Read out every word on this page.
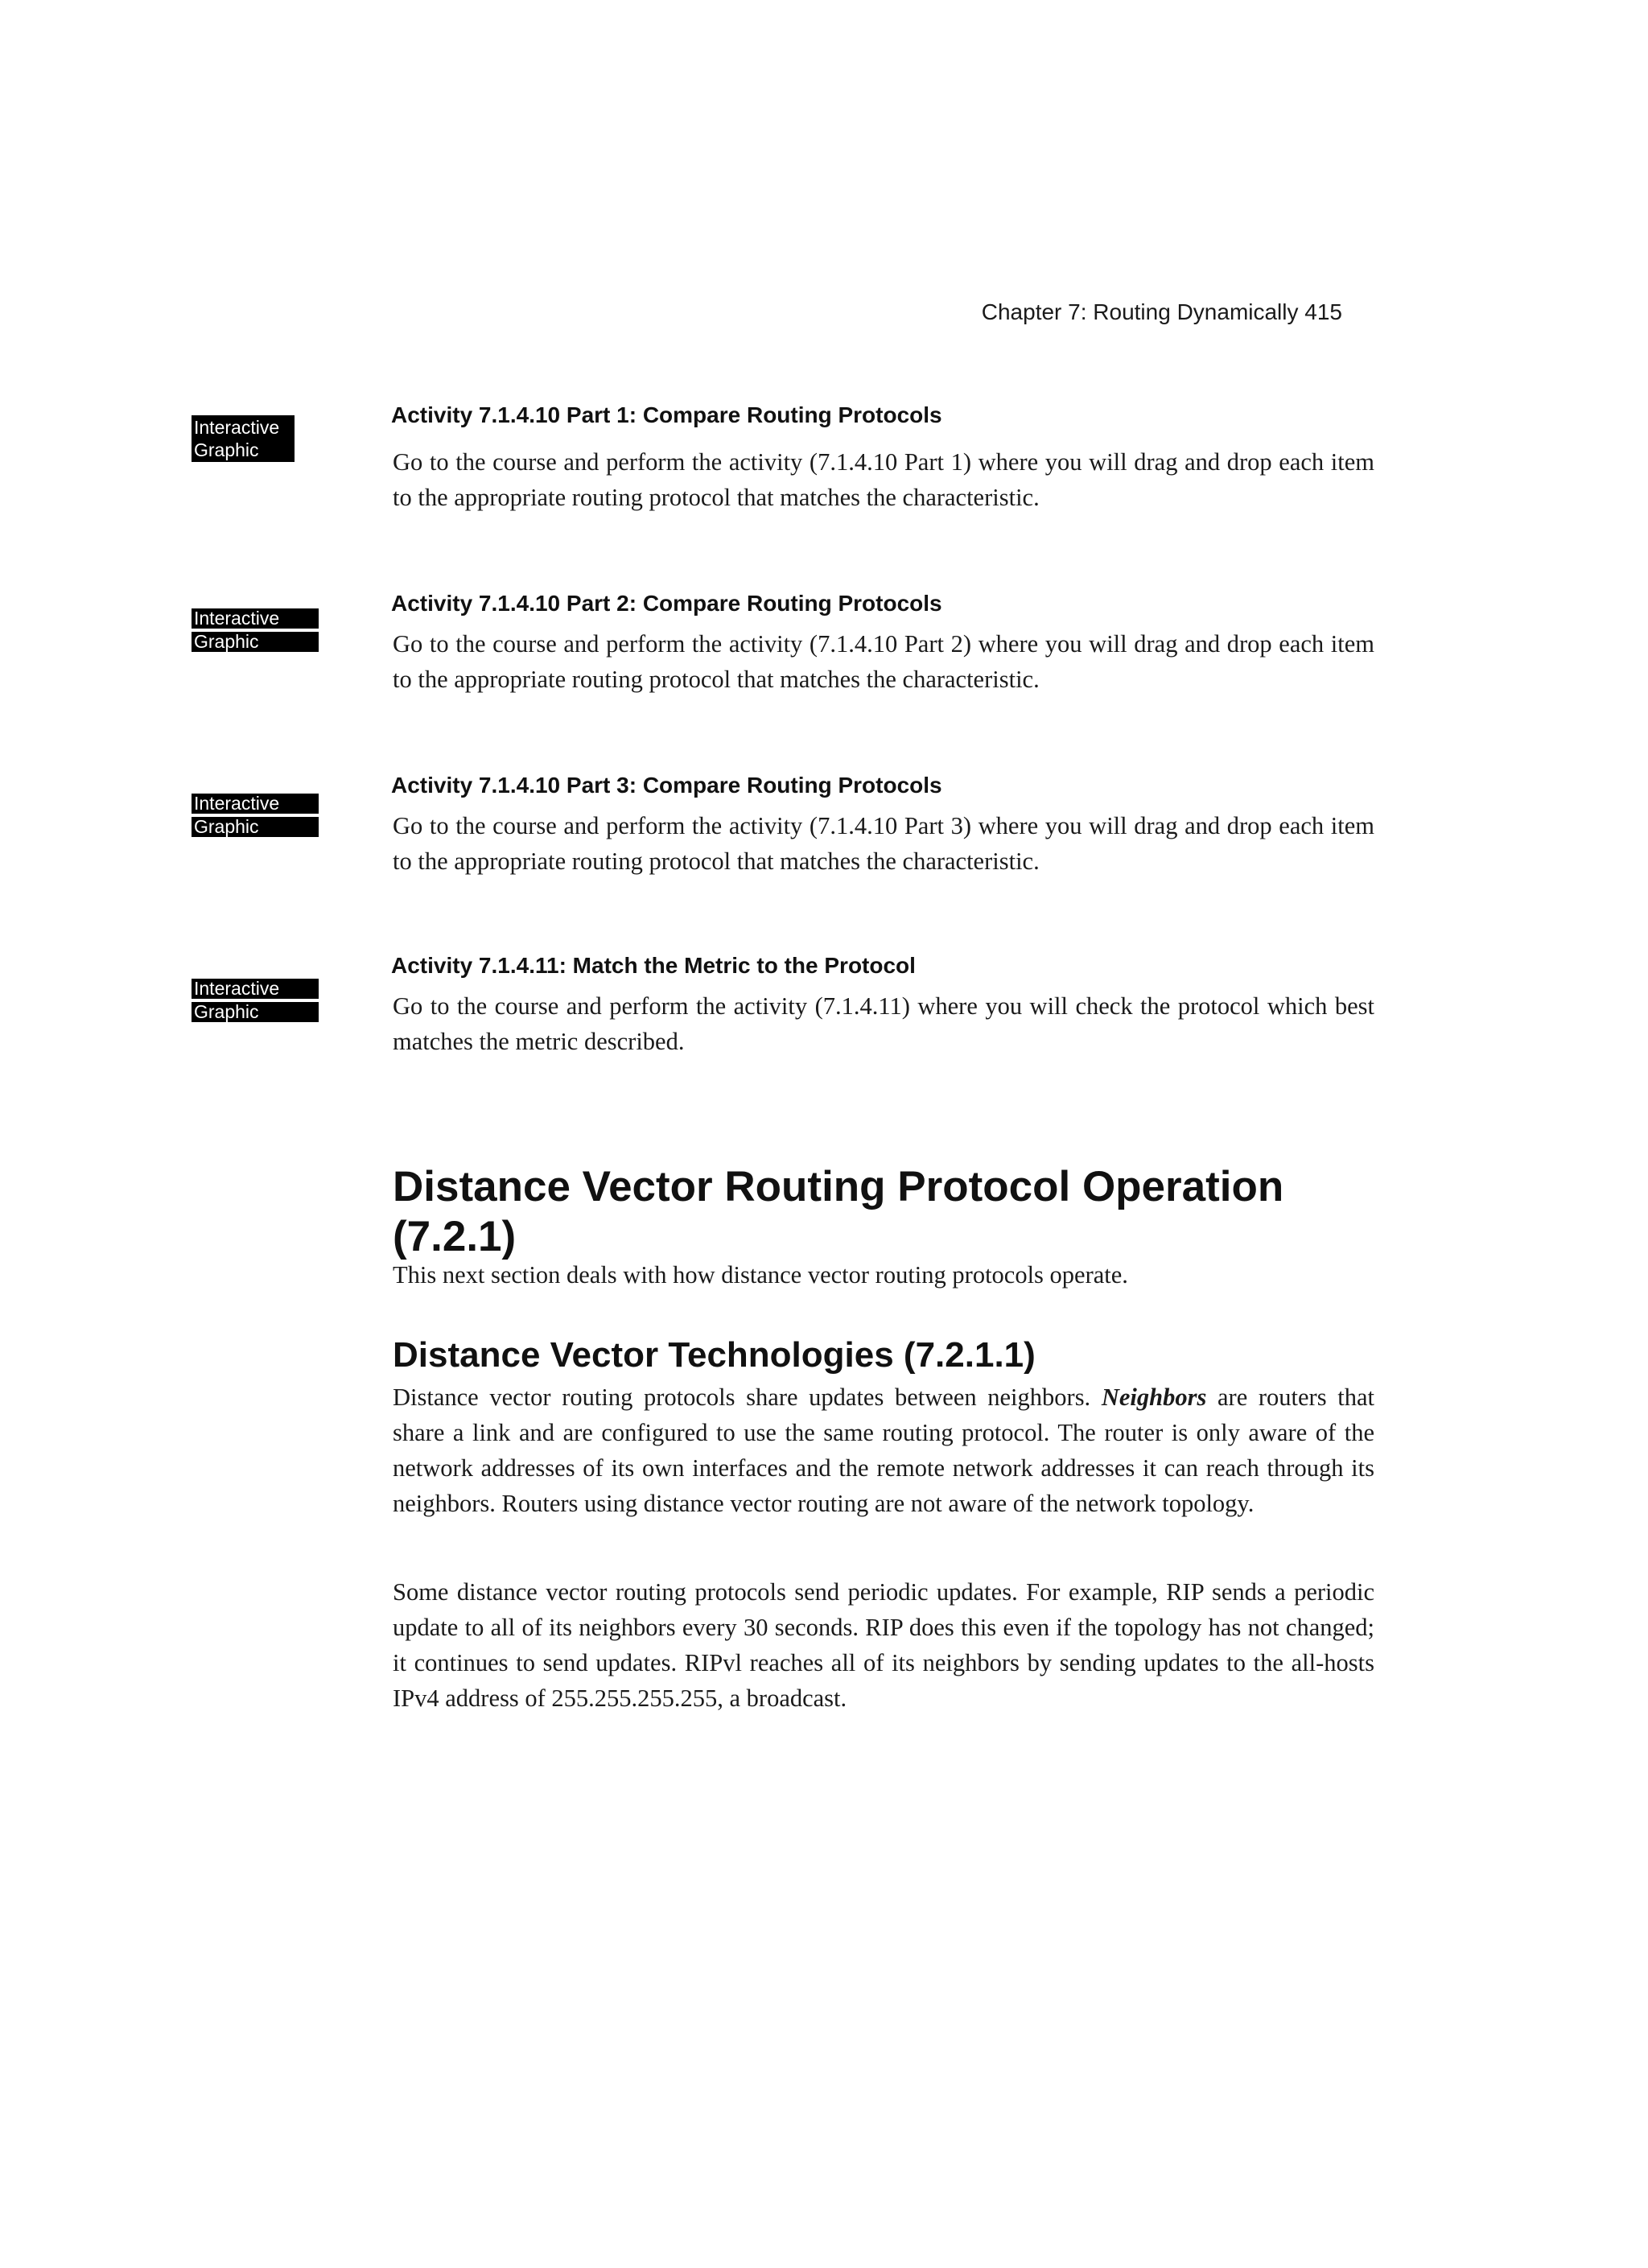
Chapter 7: Routing Dynamically 415
Interactive
Graphic
Activity 7.1.4.10 Part 1: Compare Routing Protocols
Go to the course and perform the activity (7.1.4.10 Part 1) where you will drag and drop each item to the appropriate routing protocol that matches the characteristic.
Interactive
Graphic
Activity 7.1.4.10 Part 2: Compare Routing Protocols
Go to the course and perform the activity (7.1.4.10 Part 2) where you will drag and drop each item to the appropriate routing protocol that matches the characteristic.
Interactive
Graphic
Activity 7.1.4.10 Part 3: Compare Routing Protocols
Go to the course and perform the activity (7.1.4.10 Part 3) where you will drag and drop each item to the appropriate routing protocol that matches the characteristic.
Interactive
Graphic
Activity 7.1.4.11: Match the Metric to the Protocol
Go to the course and perform the activity (7.1.4.11) where you will check the protocol which best matches the metric described.
Distance Vector Routing Protocol Operation (7.2.1)
This next section deals with how distance vector routing protocols operate.
Distance Vector Technologies (7.2.1.1)
Distance vector routing protocols share updates between neighbors. Neighbors are routers that share a link and are configured to use the same routing protocol. The router is only aware of the network addresses of its own interfaces and the remote network addresses it can reach through its neighbors. Routers using distance vector routing are not aware of the network topology.
Some distance vector routing protocols send periodic updates. For example, RIP sends a periodic update to all of its neighbors every 30 seconds. RIP does this even if the topology has not changed; it continues to send updates. RIPvl reaches all of its neighbors by sending updates to the all-hosts IPv4 address of 255.255.255.255, a broadcast.
